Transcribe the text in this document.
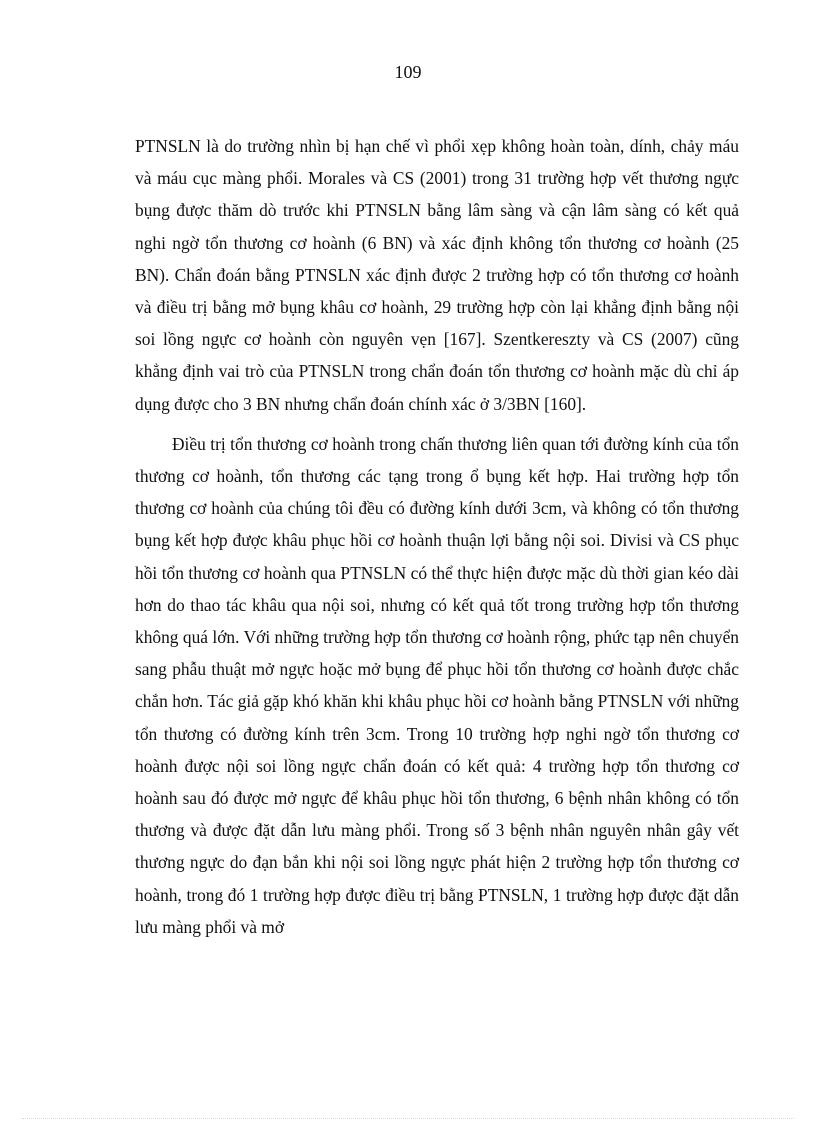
109

PTNSLN là do trường nhìn bị hạn chế vì phổi xẹp không hoàn toàn, dính, chảy máu và máu cục màng phổi. Morales và CS (2001) trong 31 trường hợp vết thương ngực bụng được thăm dò trước khi PTNSLN bằng lâm sàng và cận lâm sàng có kết quả nghi ngờ tổn thương cơ hoành (6 BN) và xác định không tổn thương cơ hoành (25 BN). Chẩn đoán bằng PTNSLN xác định được 2 trường hợp có tổn thương cơ hoành và điều trị bằng mở bụng khâu cơ hoành, 29 trường hợp còn lại khẳng định bằng nội soi lồng ngực cơ hoành còn nguyên vẹn [167]. Szentkereszty và CS (2007) cũng khẳng định vai trò của PTNSLN trong chẩn đoán tổn thương cơ hoành mặc dù chỉ áp dụng được cho 3 BN nhưng chẩn đoán chính xác ở 3/3BN [160].

Điều trị tổn thương cơ hoành trong chấn thương liên quan tới đường kính của tổn thương cơ hoành, tổn thương các tạng trong ổ bụng kết hợp. Hai trường hợp tổn thương cơ hoành của chúng tôi đều có đường kính dưới 3cm, và không có tổn thương bụng kết hợp được khâu phục hồi cơ hoành thuận lợi bằng nội soi. Divisi và CS phục hồi tổn thương cơ hoành qua PTNSLN có thể thực hiện được mặc dù thời gian kéo dài hơn do thao tác khâu qua nội soi, nhưng có kết quả tốt trong trường hợp tổn thương không quá lớn. Với những trường hợp tổn thương cơ hoành rộng, phức tạp nên chuyển sang phẫu thuật mở ngực hoặc mở bụng để phục hồi tổn thương cơ hoành được chắc chắn hơn. Tác giả gặp khó khăn khi khâu phục hồi cơ hoành bằng PTNSLN với những tổn thương có đường kính trên 3cm. Trong 10 trường hợp nghi ngờ tổn thương cơ hoành được nội soi lồng ngực chẩn đoán có kết quả: 4 trường hợp tổn thương cơ hoành sau đó được mở ngực để khâu phục hồi tổn thương, 6 bệnh nhân không có tổn thương và được đặt dẫn lưu màng phổi. Trong số 3 bệnh nhân nguyên nhân gây vết thương ngực do đạn bắn khi nội soi lồng ngực phát hiện 2 trường hợp tổn thương cơ hoành, trong đó 1 trường hợp được điều trị bằng PTNSLN, 1 trường hợp được đặt dẫn lưu màng phổi và mở
